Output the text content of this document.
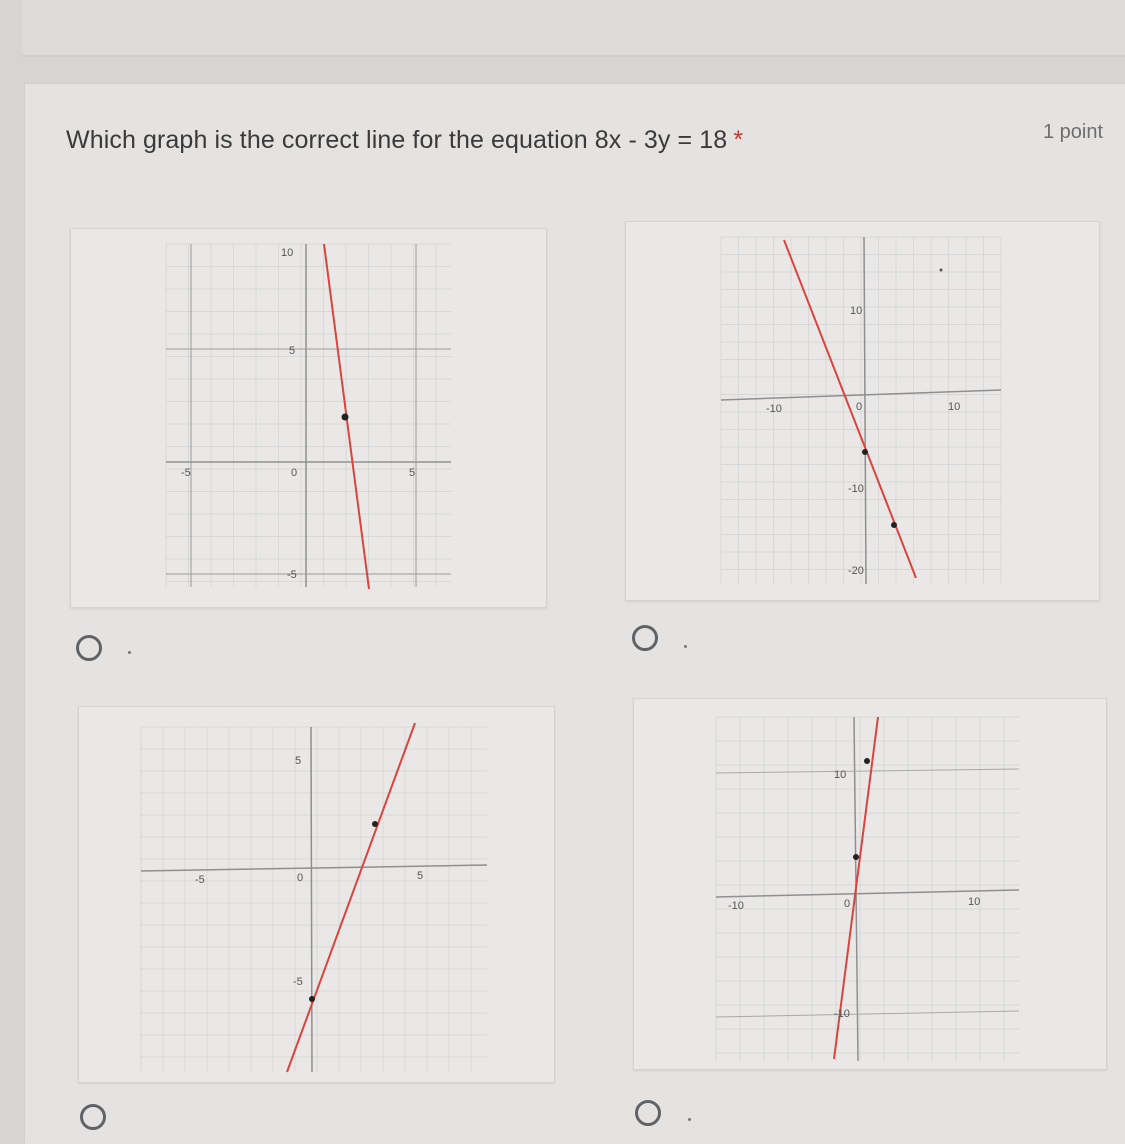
Which graph is the correct line for the equation 8x - 3y = 18 *	1 point
10
5
-5
-5	0	5
10
-10
-20
-10	0	10
5
-5
-5	0	5
10
-10
-10	0	10
